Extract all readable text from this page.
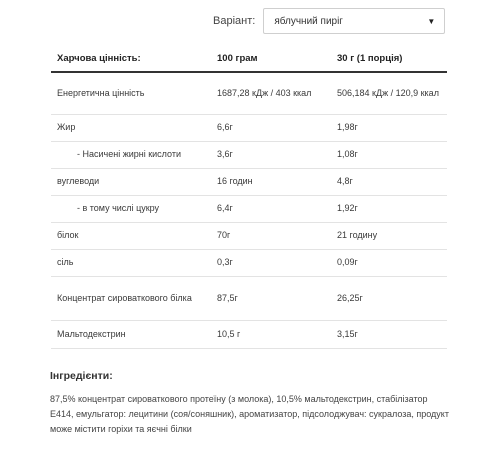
Варіант: яблучний пиріг	▼
Харчова цінність:	100 грам	30 г (1 порція)
Енергетична цінність	1687,28 кДж / 403 ккал	506,184 кДж / 120,9 ккал
Жир	6,6г	1,98г
- Насичені жирні кислоти	3,6г	1,08г
вуглеводи	16 годин	4,8г
- в тому числі цукру	6,4г	1,92г
білок	70г	21 годину
сіль	0,3г	0,09г
Концентрат сироваткового білка	87,5г	26,25г
Мальтодекстрин	10,5 г	3,15г
Інгредієнти:

87,5% концентрат сироваткового протеїну (з молока), 10,5% мальтодекстрин, стабілізатор E414, емульгатор: лецитини (соя/соняшник), ароматизатор, підсолоджувач: сукралоза, продукт може містити горіхи та яєчні білки
